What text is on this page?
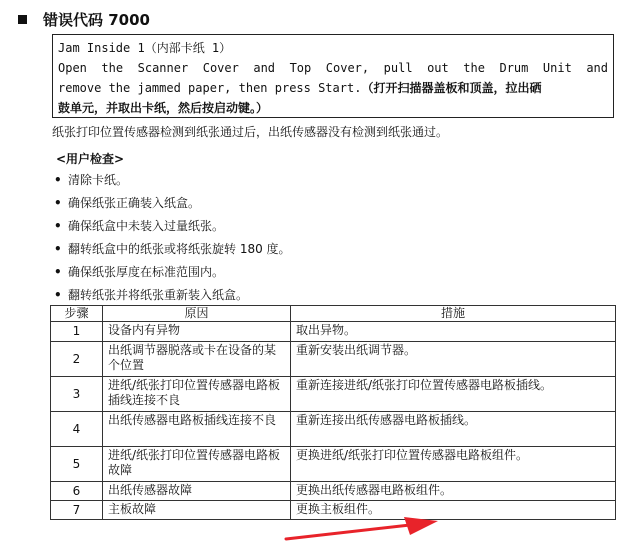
错误代码 7000
Jam Inside 1（内部卡纸 1）
Open the Scanner Cover and Top Cover, pull out the Drum Unit and
remove the jammed paper, then press Start.（打开扫描器盖板和顶盖，拉出硒
鼓单元，并取出卡纸，然后按启动键。）
纸张打印位置传感器检测到纸张通过后，出纸传感器没有检测到纸张通过。
<用户检查>
• 清除卡纸。
• 确保纸张正确装入纸盒。
• 确保纸盒中未装入过量纸张。
• 翻转纸盒中的纸张或将纸张旋转 180 度。
• 确保纸张厚度在标准范围内。
• 翻转纸张并将纸张重新装入纸盒。
步骤	原因	措施
1	设备内有异物	取出异物。
2	出纸调节器脱落或卡在设备的某个位置	重新安装出纸调节器。
3	进纸/纸张打印位置传感器电路板插线连接不良	重新连接进纸/纸张打印位置传感器电路板插线。
4	出纸传感器电路板插线连接不良	重新连接出纸传感器电路板插线。
5	进纸/纸张打印位置传感器电路板故障	更换进纸/纸张打印位置传感器电路板组件。
6	出纸传感器故障	更换出纸传感器电路板组件。
7	主板故障	更换主板组件。
